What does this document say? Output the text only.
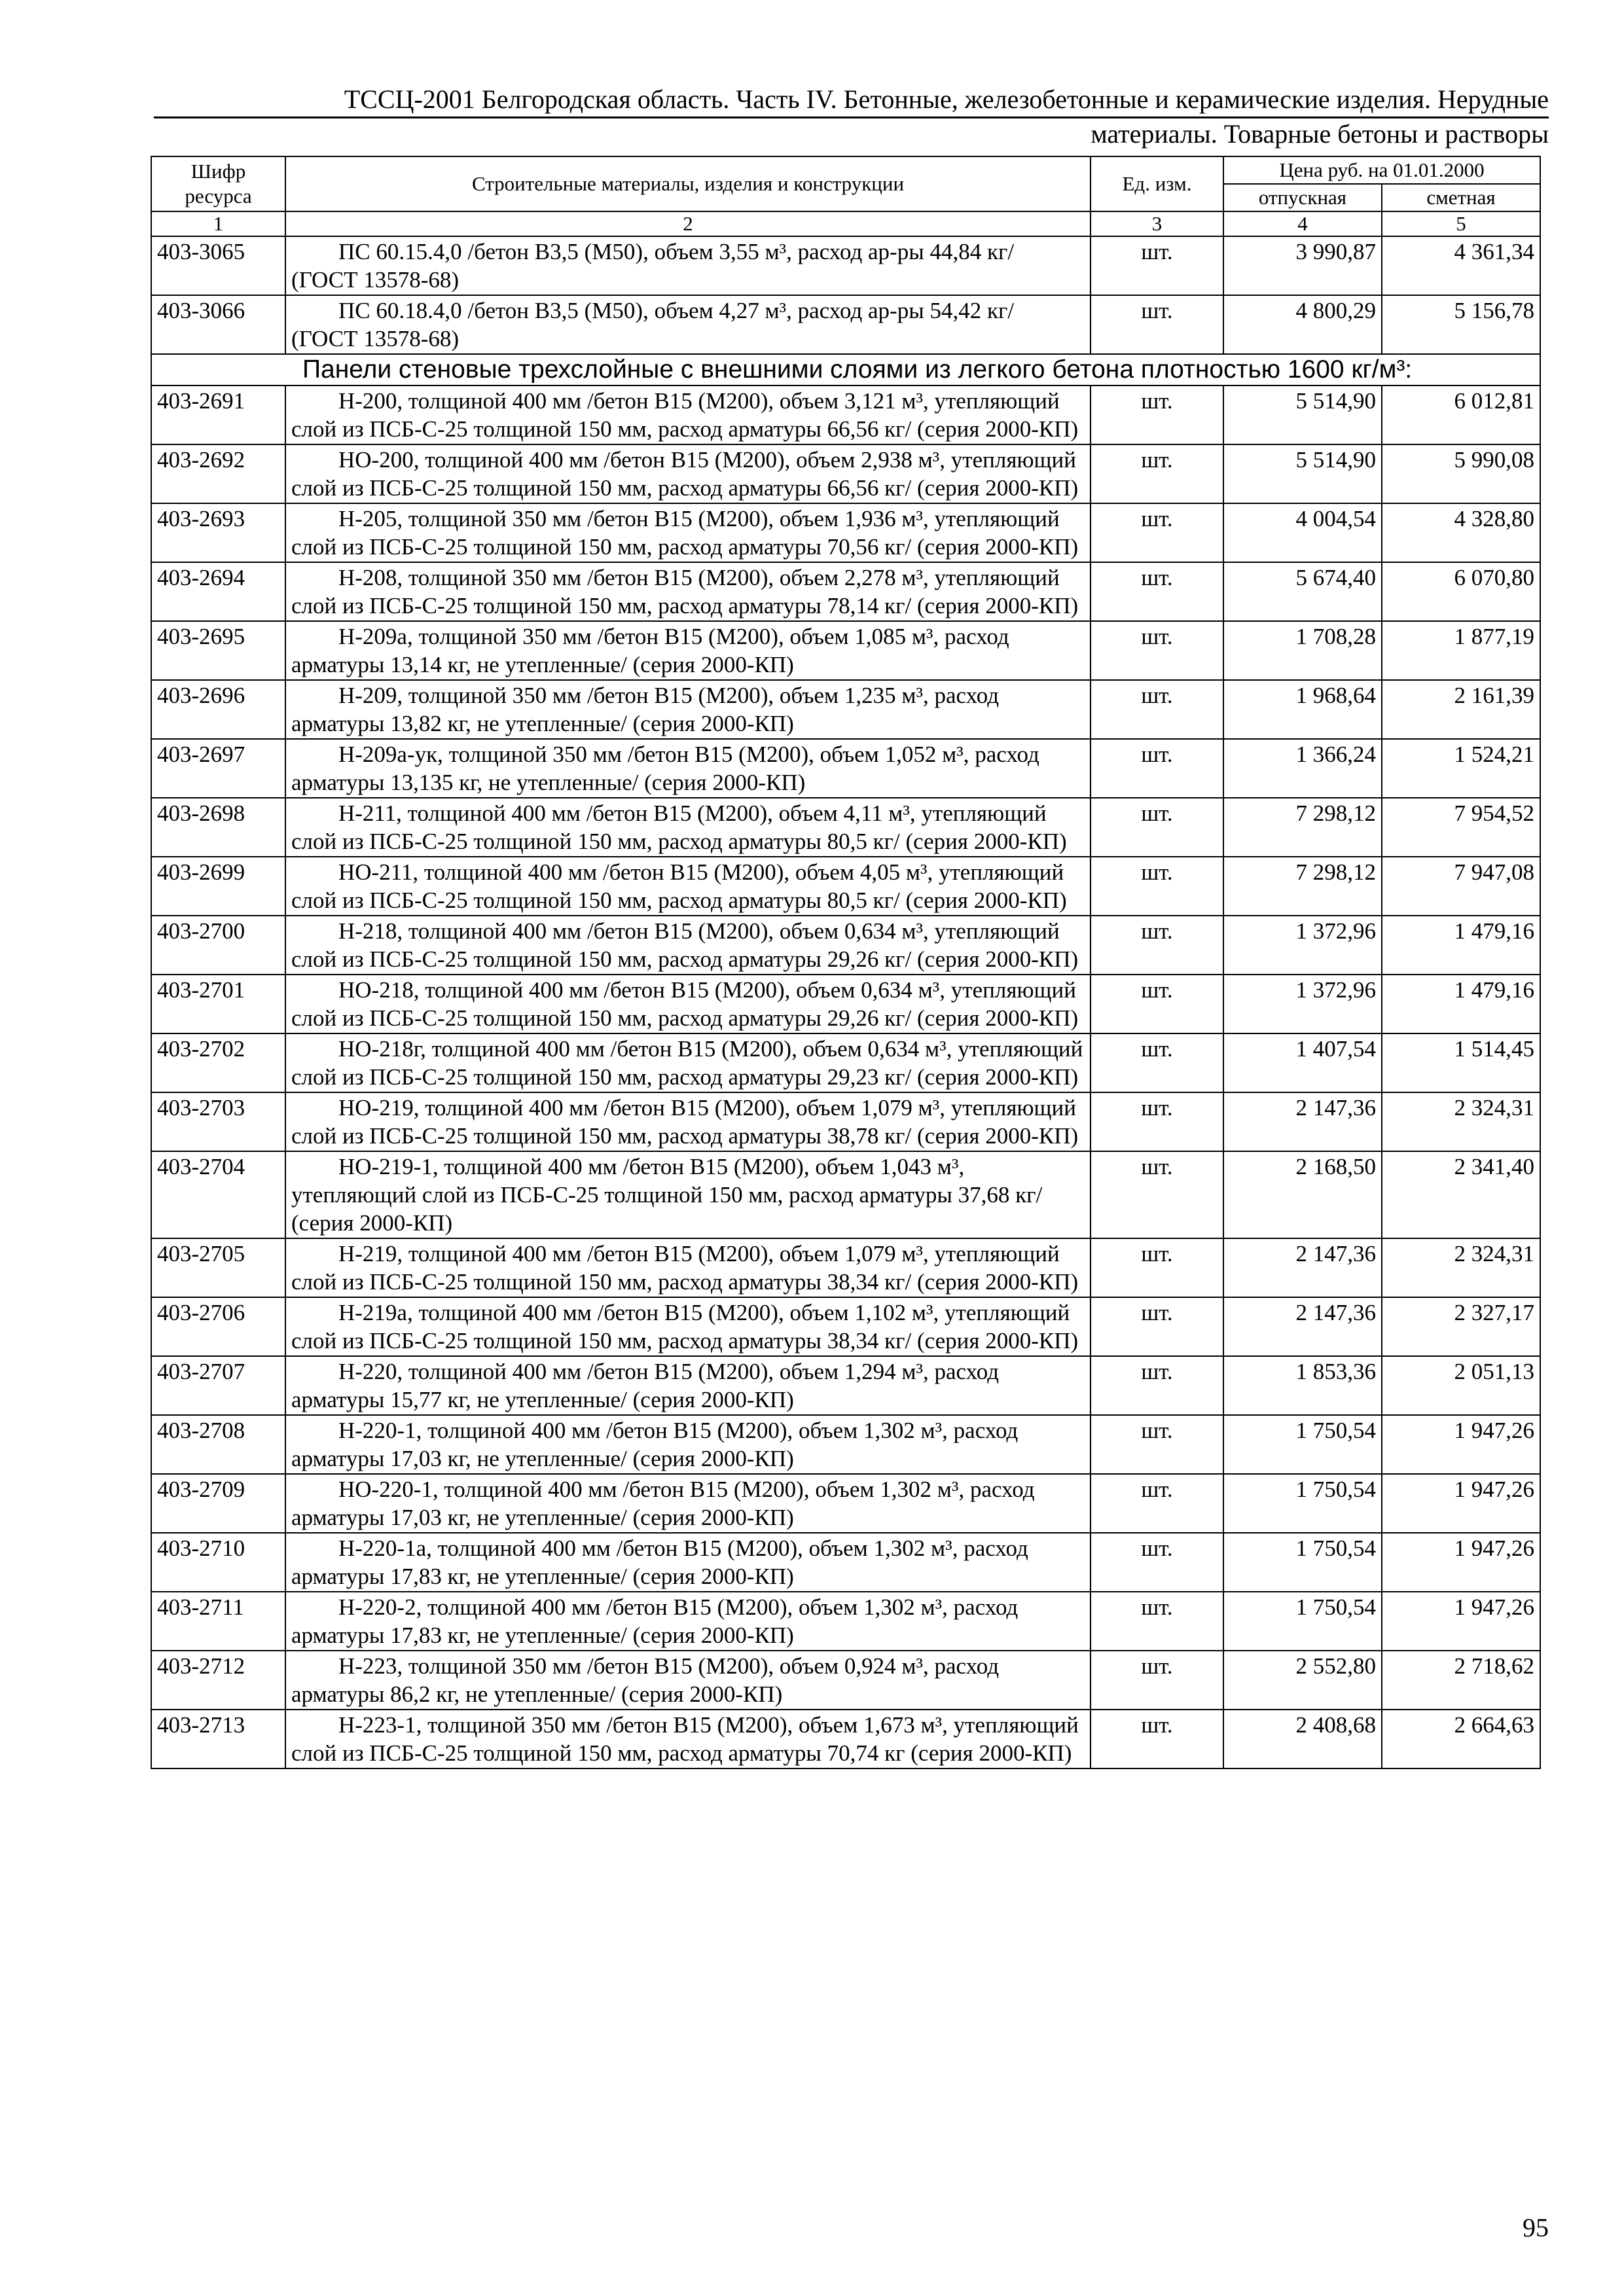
ТССЦ-2001 Белгородская область. Часть IV. Бетонные, железобетонные и керамические изделия. Нерудные
материалы. Товарные бетоны и растворы
Шифр ресурса	Строительные материалы, изделия и конструкции	Ед. изм.	Цена руб. на 01.01.2000	
			отпускная	сметная
1	2	3	4	5
403-3065	ПС 60.15.4,0 /бетон В3,5 (М50), объем 3,55 м³, расход ар-ры 44,84 кг/ (ГОСТ 13578-68)	шт.	3 990,87	4 361,34
403-3066	ПС 60.18.4,0 /бетон В3,5 (М50), объем 4,27 м³, расход ар-ры 54,42 кг/ (ГОСТ 13578-68)	шт.	4 800,29	5 156,78
Панели стеновые трехслойные с внешними слоями из легкого бетона плотностью 1600 кг/м³:				
403-2691	Н-200, толщиной 400 мм /бетон В15 (М200), объем 3,121 м³, утепляющий слой из ПСБ-С-25 толщиной 150 мм, расход арматуры 66,56 кг/ (серия 2000-КП)	шт.	5 514,90	6 012,81
403-2692	НО-200, толщиной 400 мм /бетон В15 (М200), объем 2,938 м³, утепляющий слой из ПСБ-С-25 толщиной 150 мм, расход арматуры 66,56 кг/ (серия 2000-КП)	шт.	5 514,90	5 990,08
403-2693	Н-205, толщиной 350 мм /бетон В15 (М200), объем 1,936 м³, утепляющий слой из ПСБ-С-25 толщиной 150 мм, расход арматуры 70,56 кг/ (серия 2000-КП)	шт.	4 004,54	4 328,80
403-2694	Н-208, толщиной 350 мм /бетон В15 (М200), объем 2,278 м³, утепляющий слой из ПСБ-С-25 толщиной 150 мм, расход арматуры 78,14 кг/ (серия 2000-КП)	шт.	5 674,40	6 070,80
403-2695	Н-209а, толщиной 350 мм /бетон В15 (М200), объем 1,085 м³, расход арматуры 13,14 кг, не утепленные/ (серия 2000-КП)	шт.	1 708,28	1 877,19
403-2696	Н-209, толщиной 350 мм /бетон В15 (М200), объем 1,235 м³, расход арматуры 13,82 кг, не утепленные/ (серия 2000-КП)	шт.	1 968,64	2 161,39
403-2697	Н-209а-ук, толщиной 350 мм /бетон В15 (М200), объем 1,052 м³, расход арматуры 13,135 кг, не утепленные/ (серия 2000-КП)	шт.	1 366,24	1 524,21
403-2698	Н-211, толщиной 400 мм /бетон В15 (М200), объем 4,11 м³, утепляющий слой из ПСБ-С-25 толщиной 150 мм, расход арматуры 80,5 кг/ (серия 2000-КП)	шт.	7 298,12	7 954,52
403-2699	НО-211, толщиной 400 мм /бетон В15 (М200), объем 4,05 м³, утепляющий слой из ПСБ-С-25 толщиной 150 мм, расход арматуры 80,5 кг/ (серия 2000-КП)	шт.	7 298,12	7 947,08
403-2700	Н-218, толщиной 400 мм /бетон В15 (М200), объем 0,634 м³, утепляющий слой из ПСБ-С-25 толщиной 150 мм, расход арматуры 29,26 кг/ (серия 2000-КП)	шт.	1 372,96	1 479,16
403-2701	НО-218, толщиной 400 мм /бетон В15 (М200), объем 0,634 м³, утепляющий слой из ПСБ-С-25 толщиной 150 мм, расход арматуры 29,26 кг/ (серия 2000-КП)	шт.	1 372,96	1 479,16
403-2702	НО-218г, толщиной 400 мм /бетон В15 (М200), объем 0,634 м³, утепляющий слой из ПСБ-С-25 толщиной 150 мм, расход арматуры 29,23 кг/ (серия 2000-КП)	шт.	1 407,54	1 514,45
403-2703	НО-219, толщиной 400 мм /бетон В15 (М200), объем 1,079 м³, утепляющий слой из ПСБ-С-25 толщиной 150 мм, расход арматуры 38,78 кг/ (серия 2000-КП)	шт.	2 147,36	2 324,31
403-2704	НО-219-1, толщиной 400 мм /бетон В15 (М200), объем 1,043 м³, утепляющий слой из ПСБ-С-25 толщиной 150 мм, расход арматуры 37,68 кг/ (серия 2000-КП)	шт.	2 168,50	2 341,40
403-2705	Н-219, толщиной 400 мм /бетон В15 (М200), объем 1,079 м³, утепляющий слой из ПСБ-С-25 толщиной 150 мм, расход арматуры 38,34 кг/ (серия 2000-КП)	шт.	2 147,36	2 324,31
403-2706	Н-219а, толщиной 400 мм /бетон В15 (М200), объем 1,102 м³, утепляющий слой из ПСБ-С-25 толщиной 150 мм, расход арматуры 38,34 кг/ (серия 2000-КП)	шт.	2 147,36	2 327,17
403-2707	Н-220, толщиной 400 мм /бетон В15 (М200), объем 1,294 м³, расход арматуры 15,77 кг, не утепленные/ (серия 2000-КП)	шт.	1 853,36	2 051,13
403-2708	Н-220-1, толщиной 400 мм /бетон В15 (М200), объем 1,302 м³, расход арматуры 17,03 кг, не утепленные/ (серия 2000-КП)	шт.	1 750,54	1 947,26
403-2709	НО-220-1, толщиной 400 мм /бетон В15 (М200), объем 1,302 м³, расход арматуры 17,03 кг, не утепленные/ (серия 2000-КП)	шт.	1 750,54	1 947,26
403-2710	Н-220-1а, толщиной 400 мм /бетон В15 (М200), объем 1,302 м³, расход арматуры 17,83 кг, не утепленные/ (серия 2000-КП)	шт.	1 750,54	1 947,26
403-2711	Н-220-2, толщиной 400 мм /бетон В15 (М200), объем 1,302 м³, расход арматуры 17,83 кг, не утепленные/ (серия 2000-КП)	шт.	1 750,54	1 947,26
403-2712	Н-223, толщиной 350 мм /бетон В15 (М200), объем 0,924 м³, расход арматуры 86,2 кг, не утепленные/ (серия 2000-КП)	шт.	2 552,80	2 718,62
403-2713	Н-223-1, толщиной 350 мм /бетон В15 (М200), объем 1,673 м³, утепляющий слой из ПСБ-С-25 толщиной 150 мм, расход арматуры 70,74 кг (серия 2000-КП)	шт.	2 408,68	2 664,63
95
